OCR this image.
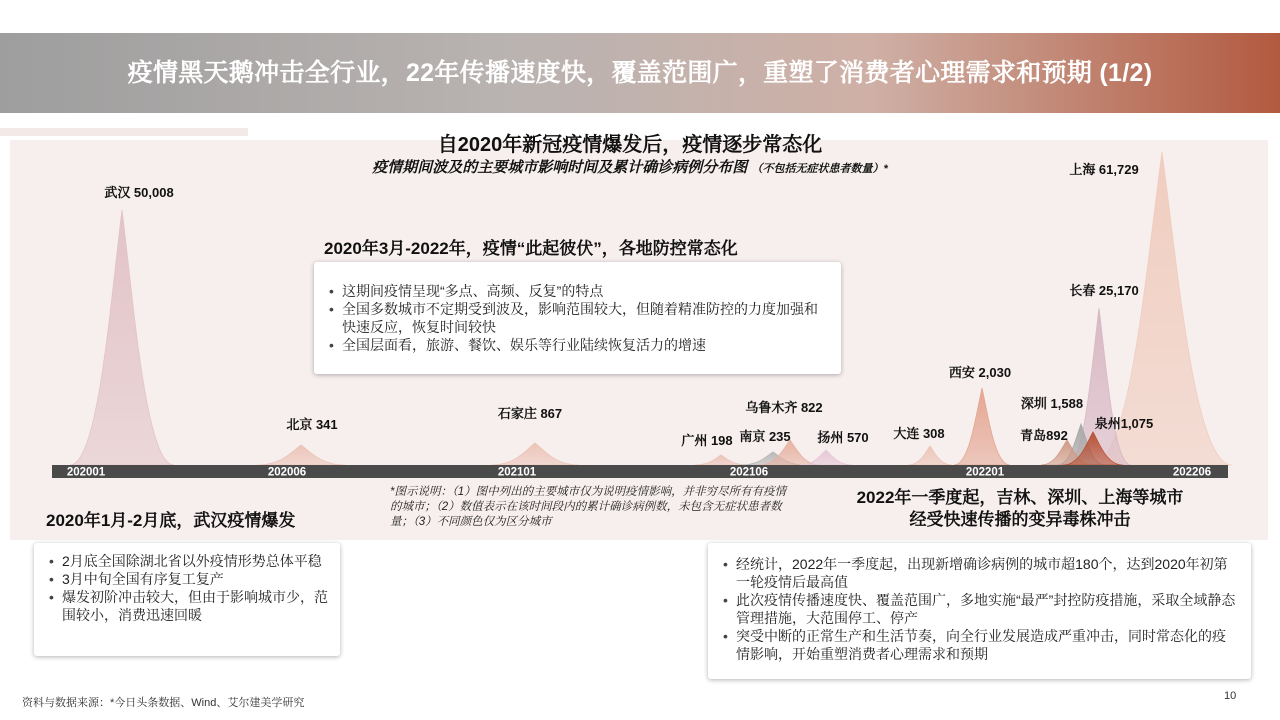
疫情黑天鹅冲击全行业，22年传播速度快，覆盖范围广，重塑了消费者心理需求和预期 (1/2)
202001	202006	202101	202106	202201	202206
武汉 50,008
北京 341
石家庄 867
广州 198 南京 235
乌鲁木齐 822
扬州 570 大连 308
西安 2,030
深圳 1,588
青岛892
泉州1,075
长春 25,170
上海 61,729
自2020年新冠疫情爆发后，疫情逐步常态化
疫情期间波及的主要城市影响时间及累计确诊病例分布图 （不包括无症状患者数量）*
2020年3月-2022年，疫情“此起彼伏”，各地防控常态化
• 这期间疫情呈现“多点、高频、反复”的特点
• 全国多数城市不定期受到波及，影响范围较大，但随着精准防控的力度加强和快速反应，恢复时间较快
• 全国层面看，旅游、餐饮、娱乐等行业陆续恢复活力的增速
*图示说明：（1）图中列出的主要城市仅为说明疫情影响，并非穷尽所有有疫情的城市；（2）数值表示在该时间段内的累计确诊病例数，未包含无症状患者数量；（3）不同颜色仅为区分城市
2020年1月-2月底，武汉疫情爆发
• 2月底全国除湖北省以外疫情形势总体平稳
• 3月中旬全国有序复工复产
• 爆发初阶冲击较大，但由于影响城市少，范围较小，消费迅速回暖
2022年一季度起，吉林、深圳、上海等城市
经受快速传播的变异毒株冲击
• 经统计，2022年一季度起，出现新增确诊病例的城市超180个，达到2020年初第一轮疫情后最高值
• 此次疫情传播速度快、覆盖范围广，多地实施“最严”封控防疫措施，采取全域静态管理措施，大范围停工、停产
• 突受中断的正常生产和生活节奏，向全行业发展造成严重冲击，同时常态化的疫情影响，开始重塑消费者心理需求和预期
资料与数据来源：*今日头条数据、Wind、艾尔建美学研究
10
